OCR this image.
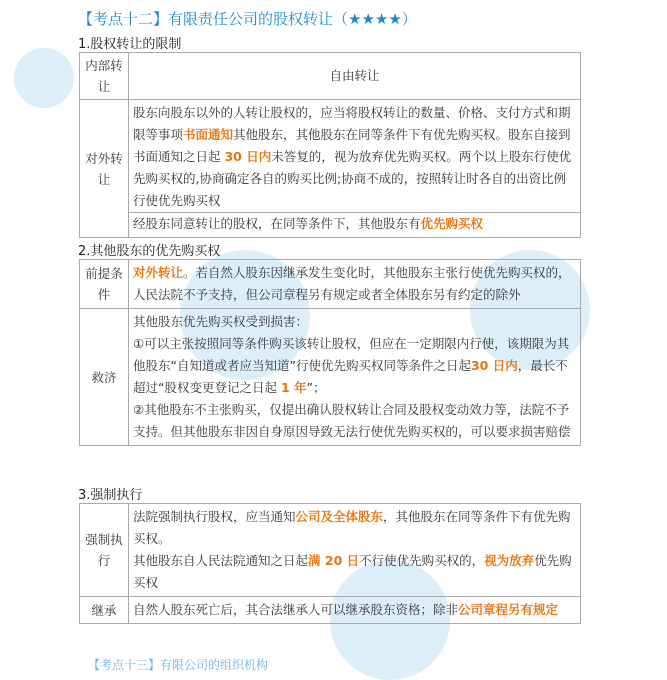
【考点十二】有限责任公司的股权转让（★★★★）
1.股权转让的限制
内部转让	自由转让
对外转让	股东向股东以外的人转让股权的，应当将股权转让的数量、价格、支付方式和期限等事项书面通知其他股东，其他股东在同等条件下有优先购买权。股东自接到书面通知之日起 30 日内未答复的，视为放弃优先购买权。两个以上股东行使优先购买权的,协商确定各自的购买比例;协商不成的，按照转让时各自的出资比例行使优先购买权
经股东同意转让的股权，在同等条件下，其他股东有优先购买权
2.其他股东的优先购买权
前提条件	对外转让。若自然人股东因继承发生变化时，其他股东主张行使优先购买权的，人民法院不予支持，但公司章程另有规定或者全体股东另有约定的除外
救济	其他股东优先购买权受到损害：
①可以主张按照同等条件购买该转让股权，但应在一定期限内行使，该期限为其他股东“自知道或者应当知道”行使优先购买权同等条件之日起30 日内，最长不超过“股权变更登记之日起 1 年”；
②其他股东不主张购买，仅提出确认股权转让合同及股权变动效力等，法院不予支持。但其他股东非因自身原因导致无法行使优先购买权的，可以要求损害赔偿
3.强制执行
强制执行	法院强制执行股权，应当通知公司及全体股东，其他股东在同等条件下有优先购买权。
其他股东自人民法院通知之日起满 20 日不行使优先购买权的，视为放弃优先购买权

继承	自然人股东死亡后，其合法继承人可以继承股东资格；除非公司章程另有规定
【考点十三】有限公司的组织机构
